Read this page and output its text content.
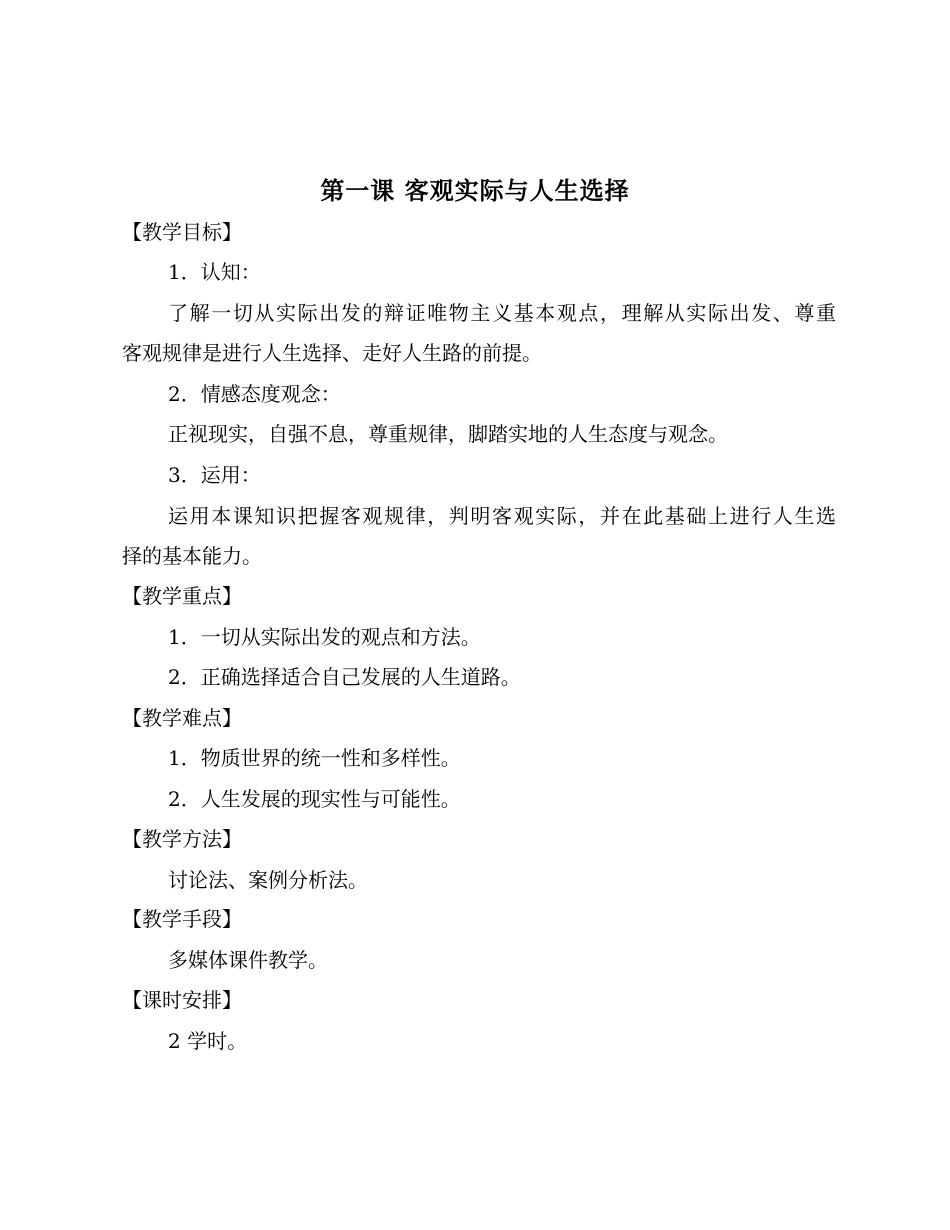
第一课 客观实际与人生选择
【教学目标】
1．认知：
了解一切从实际出发的辩证唯物主义基本观点，理解从实际出发、尊重
客观规律是进行人生选择、走好人生路的前提。
2．情感态度观念：
正视现实，自强不息，尊重规律，脚踏实地的人生态度与观念。
3．运用：
运用本课知识把握客观规律，判明客观实际，并在此基础上进行人生选
择的基本能力。
【教学重点】
1．一切从实际出发的观点和方法。
2．正确选择适合自己发展的人生道路。
【教学难点】
1．物质世界的统一性和多样性。
2．人生发展的现实性与可能性。
【教学方法】
讨论法、案例分析法。
【教学手段】
多媒体课件教学。
【课时安排】
2 学时。
